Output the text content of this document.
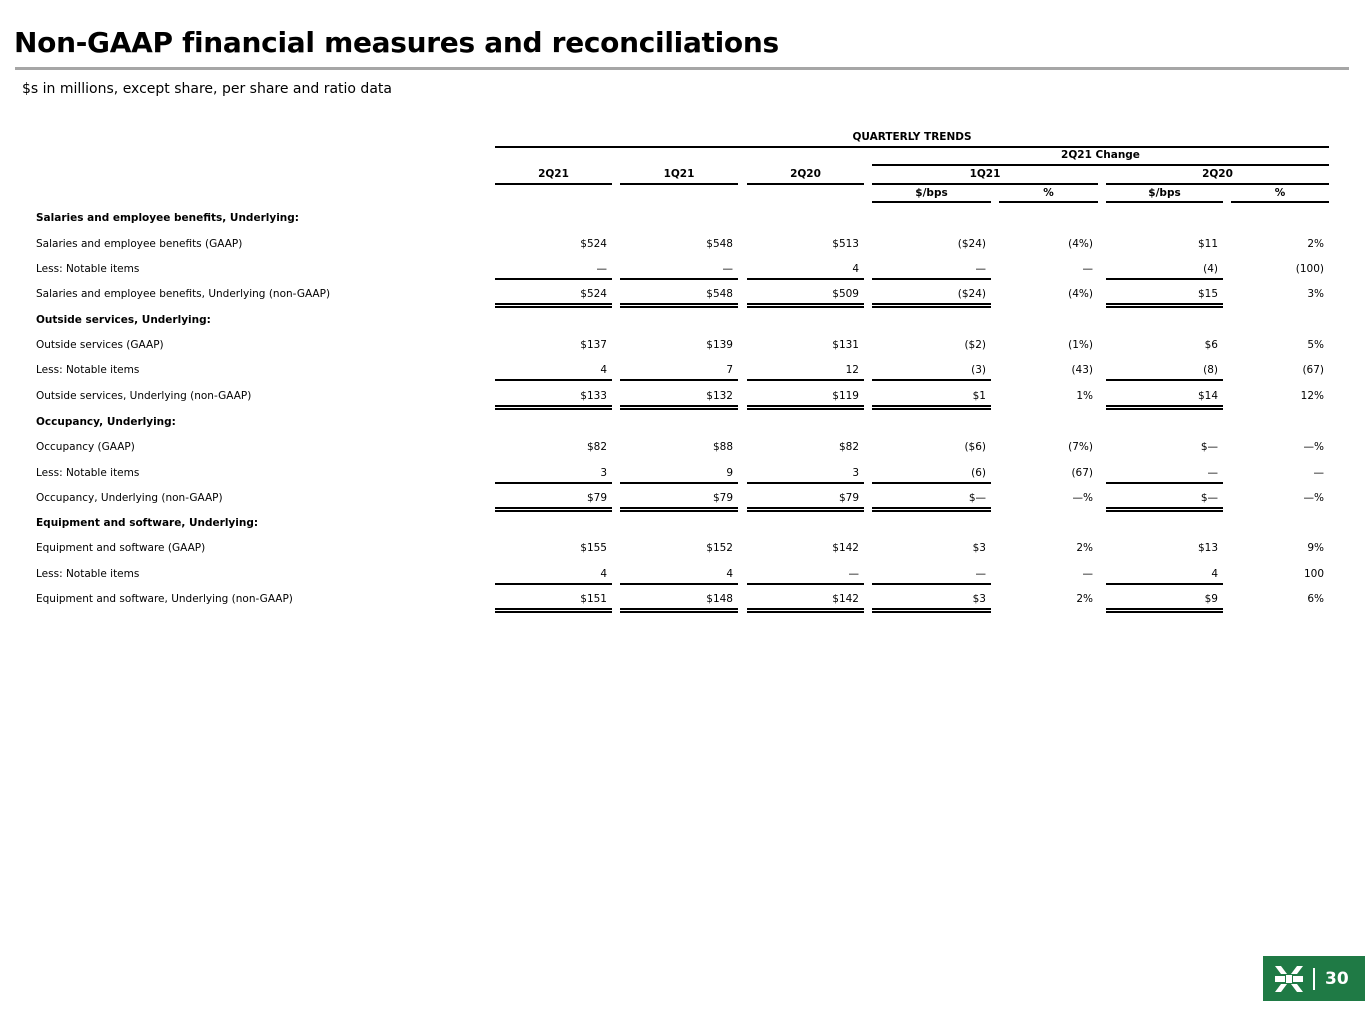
Non-GAAP financial measures and reconciliations
$s in millions, except share, per share and ratio data
QUARTERLY TRENDS
2Q21 Change
2Q21	1Q21	2Q20	1Q21	2Q20
$/bps	%	$/bps	%
Salaries and employee benefits, Underlying:
Salaries and employee benefits (GAAP)	$524	$548	$513	($24)	(4%)	$11	2%
Less: Notable items	—	—	4	—	—	(4)	(100)
Salaries and employee benefits, Underlying (non-GAAP)	$524	$548	$509	($24)	(4%)	$15	3%
Outside services, Underlying:
Outside services (GAAP)	$137	$139	$131	($2)	(1%)	$6	5%
Less: Notable items	4	7	12	(3)	(43)	(8)	(67)
Outside services, Underlying (non-GAAP)	$133	$132	$119	$1	1%	$14	12%
Occupancy, Underlying:
Occupancy (GAAP)	$82	$88	$82	($6)	(7%)	$—	—%
Less: Notable items	3	9	3	(6)	(67)	—	—
Occupancy, Underlying (non-GAAP)	$79	$79	$79	$—	—%	$—	—%
Equipment and software, Underlying:
Equipment and software (GAAP)	$155	$152	$142	$3	2%	$13	9%
Less: Notable items	4	4	—	—	—	4	100
Equipment and software, Underlying (non-GAAP)	$151	$148	$142	$3	2%	$9	6%
30
